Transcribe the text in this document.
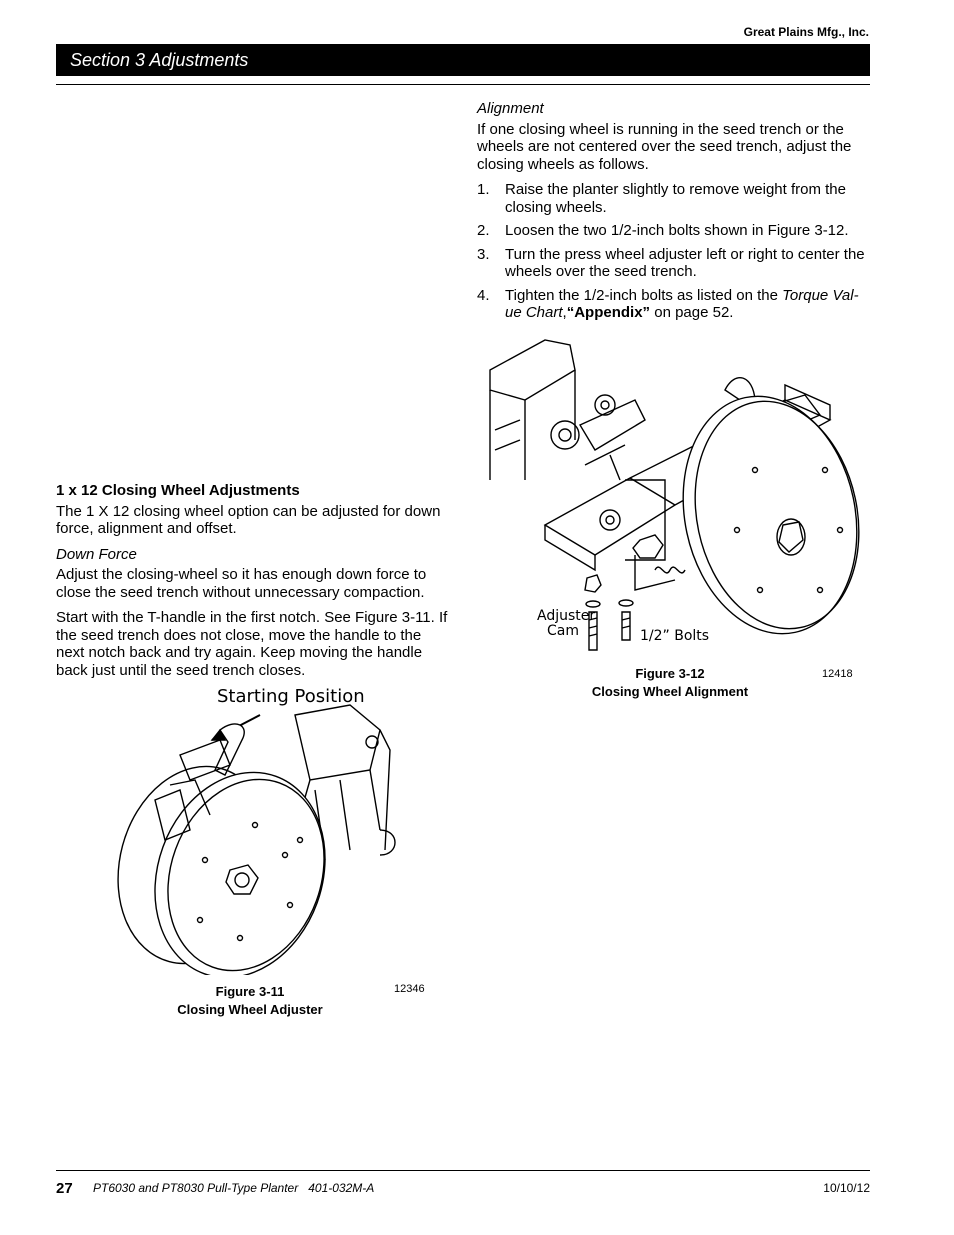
Great Plains Mfg., Inc.
Section 3 Adjustments
Alignment

If one closing wheel is running in the seed trench or the wheels are not centered over the seed trench, adjust the closing wheels as follows.

1. Raise the planter slightly to remove weight from the closing wheels.
2. Loosen the two 1/2-inch bolts shown in Figure 3-12.
3. Turn the press wheel adjuster left or right to center the wheels over the seed trench.
4. Tighten the 1/2-inch bolts as listed on the Torque Val-ue Chart,“Appendix” on page 52.
Adjuster
Cam	1/2” Bolts
Figure 3-12
Closing Wheel Alignment
12418
1 x 12 Closing Wheel Adjustments

The 1 X 12 closing wheel option can be adjusted for down force, alignment and offset.

Down Force

Adjust the closing-wheel so it has enough down force to close the seed trench without unnecessary compaction.

Start with the T-handle in the first notch. See Figure 3-11. If the seed trench does not close, move the handle to the next notch back and try again. Keep moving the handle back just until the seed trench closes.

Starting Position
Figure 3-11
Closing Wheel Adjuster
12346
27 PT6030 and PT8030 Pull-Type Planter   401-032M-A	10/10/12
